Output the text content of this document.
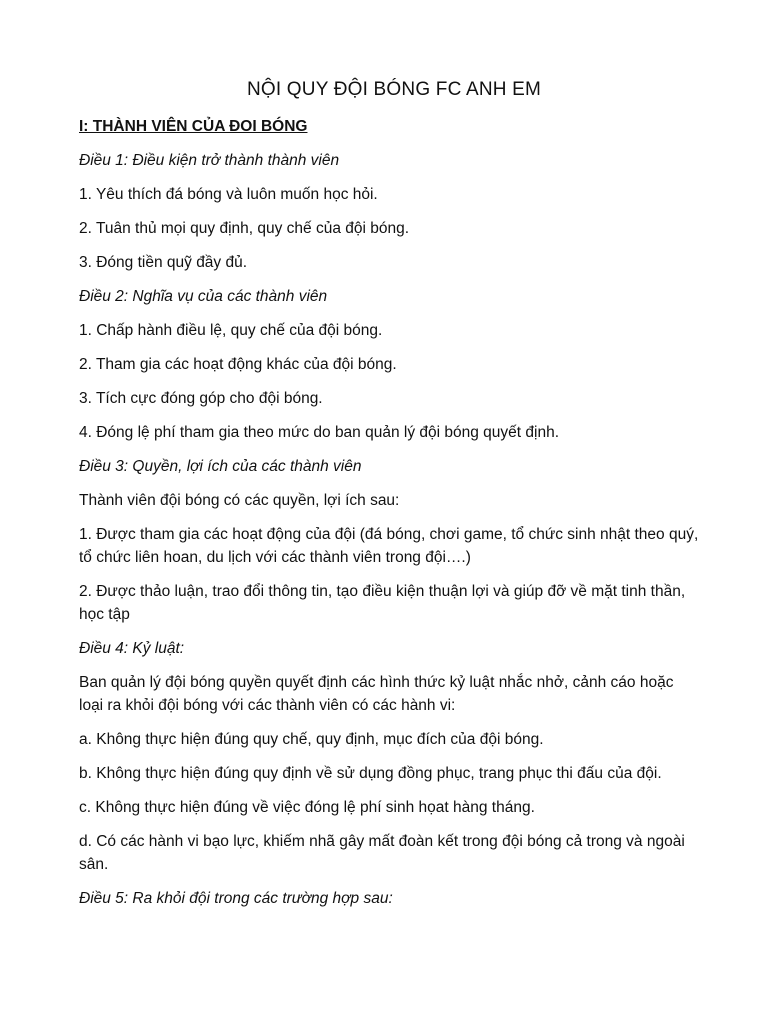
NỘI QUY ĐỘI BÓNG FC ANH EM

I: THÀNH VIÊN CỦA ĐOI BÓNG

Điều 1: Điều kiện trở thành thành viên

1. Yêu thích đá bóng và luôn muốn học hỏi.

2. Tuân thủ mọi quy định, quy chế của đội bóng.

3. Đóng tiền quỹ đầy đủ.

Điều 2: Nghĩa vụ của các thành viên

1. Chấp hành điều lệ, quy chế của đội bóng.

2. Tham gia các hoạt động khác của đội bóng.

3. Tích cực đóng góp cho đội bóng.

4. Đóng lệ phí tham gia theo mức do ban quản lý đội bóng quyết định.

Điều 3: Quyền, lợi ích của các thành viên

Thành viên đội bóng có các quyền, lợi ích sau:

1. Được tham gia các hoạt động của đội (đá bóng, chơi game, tổ chức sinh nhật theo quý, tổ chức liên hoan, du lịch với các thành viên trong đội….)

2. Được thảo luận, trao đổi thông tin, tạo điều kiện thuận lợi và giúp đỡ về mặt tinh thần, học tập

Điều 4: Kỷ luật:

Ban quản lý đội bóng quyền quyết định các hình thức kỷ luật nhắc nhở, cảnh cáo hoặc loại ra khỏi đội bóng với các thành viên có các hành vi:

a. Không thực hiện đúng quy chế, quy định, mục đích của đội bóng.

b. Không thực hiện đúng quy định về sử dụng đồng phục, trang phục thi đấu của đội.

c. Không thực hiện đúng về việc đóng lệ phí sinh họat hàng tháng.

d. Có các hành vi bạo lực, khiếm nhã gây mất đoàn kết trong đội bóng cả trong và ngoài sân.

Điều 5: Ra khỏi đội trong các trường hợp sau:
